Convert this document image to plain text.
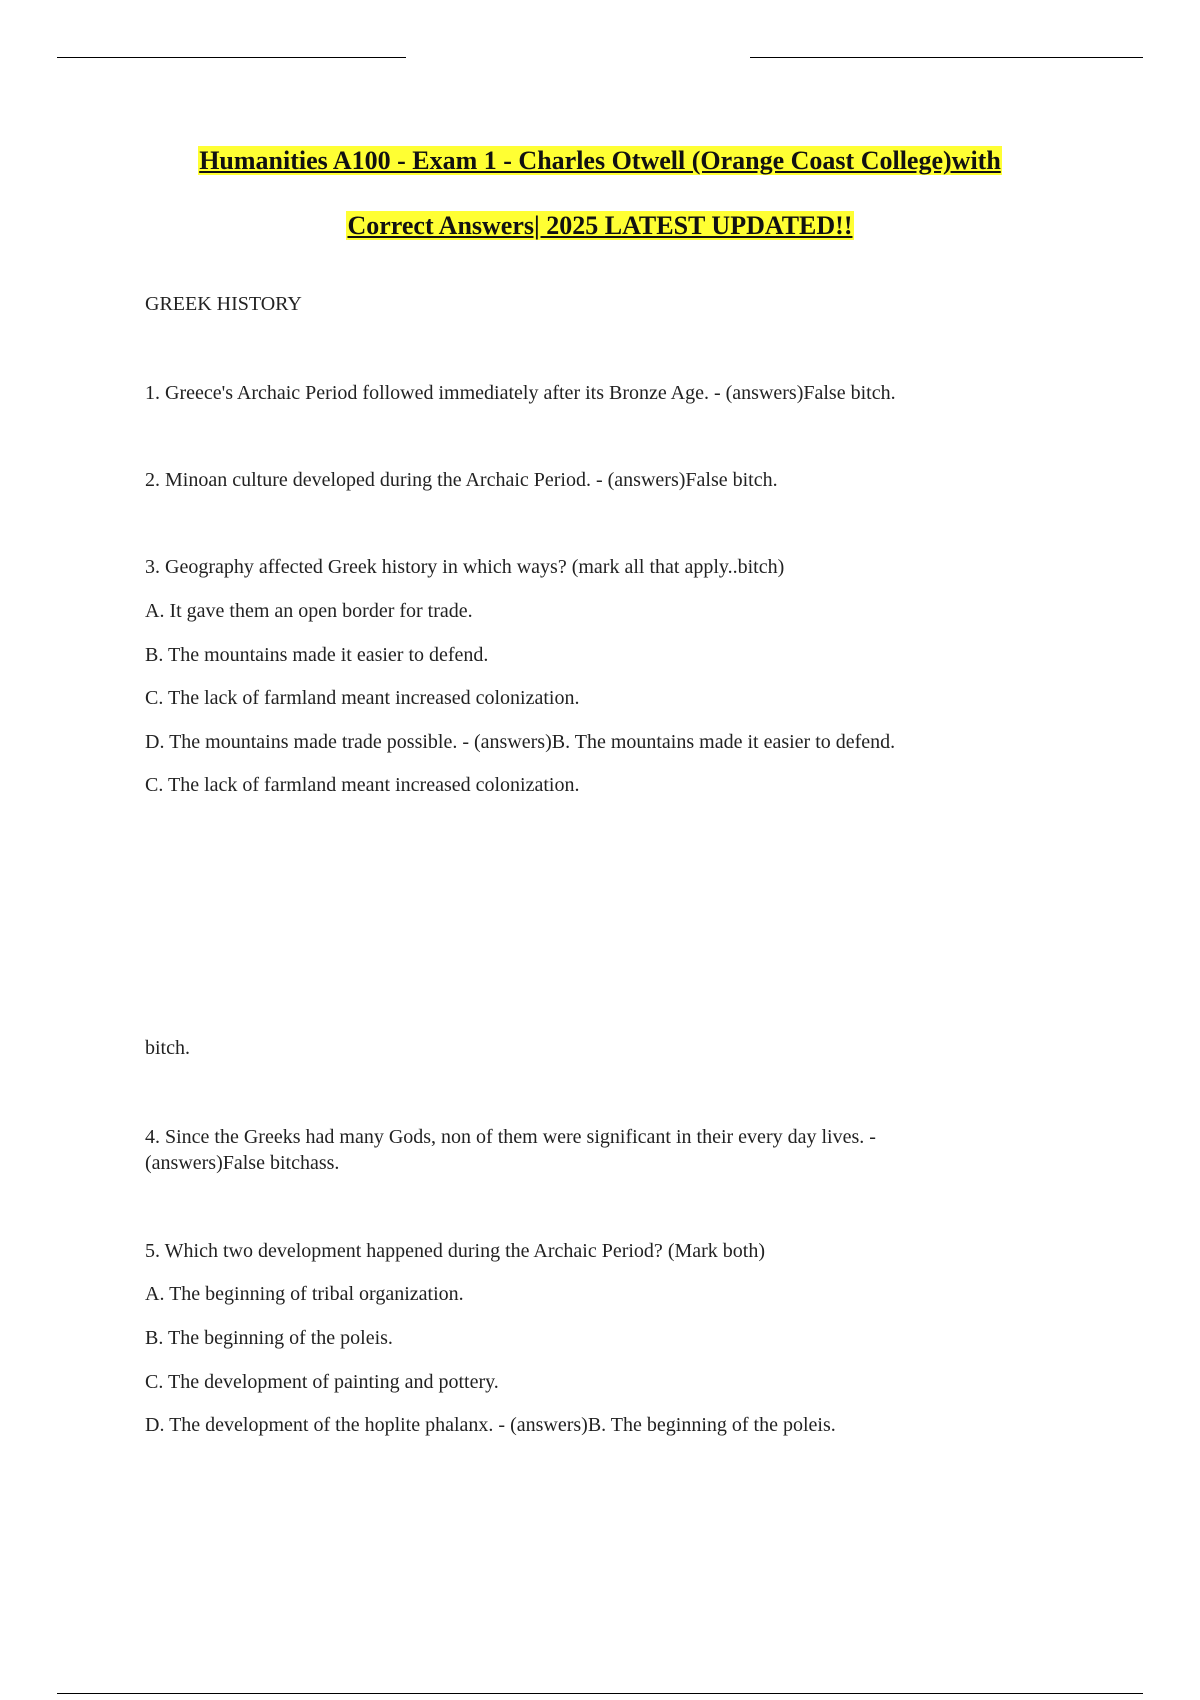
Humanities A100 - Exam 1 - Charles Otwell (Orange Coast College)with
Correct Answers| 2025 LATEST UPDATED!!
GREEK HISTORY
1. Greece's Archaic Period followed immediately after its Bronze Age. - (answers)False bitch.
2. Minoan culture developed during the Archaic Period. - (answers)False bitch.
3. Geography affected Greek history in which ways? (mark all that apply..bitch)
A. It gave them an open border for trade.
B. The mountains made it easier to defend.
C. The lack of farmland meant increased colonization.
D. The mountains made trade possible. - (answers)B. The mountains made it easier to defend.
C. The lack of farmland meant increased colonization.
bitch.
4. Since the Greeks had many Gods, non of them were significant in their every day lives. -
(answers)False bitchass.
5. Which two development happened during the Archaic Period? (Mark both)
A. The beginning of tribal organization.
B. The beginning of the poleis.
C. The development of painting and pottery.
D. The development of the hoplite phalanx. - (answers)B. The beginning of the poleis.
